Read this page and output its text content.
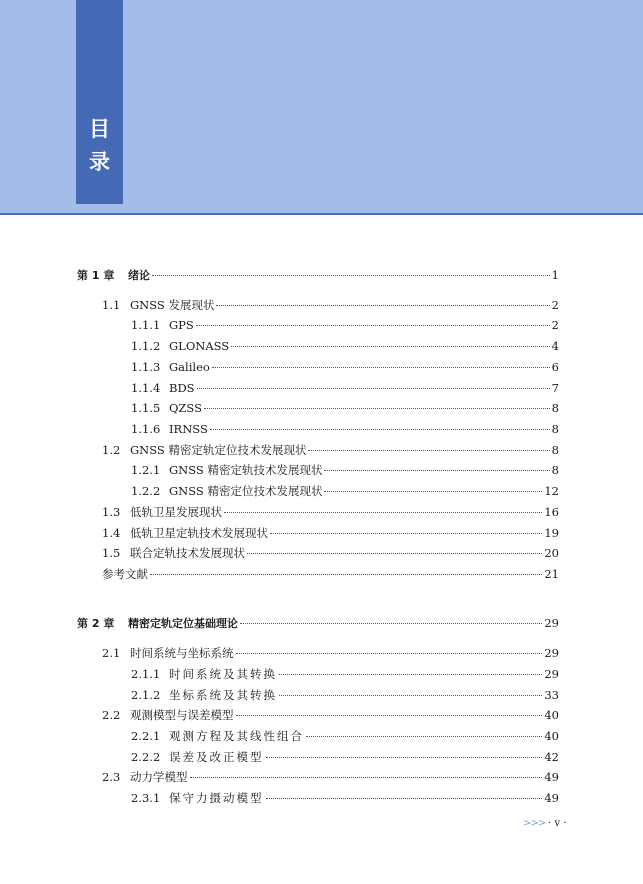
目
录
第 1 章 绪论	1
1.1 GNSS 发展现状	2
1.1.1 GPS	2
1.1.2 GLONASS	4
1.1.3 Galileo	6
1.1.4 BDS	7
1.1.5 QZSS	8
1.1.6 IRNSS	8
1.2 GNSS 精密定轨定位技术发展现状	8
1.2.1 GNSS 精密定轨技术发展现状	8
1.2.2 GNSS 精密定位技术发展现状	12
1.3 低轨卫星发展现状	16
1.4 低轨卫星定轨技术发展现状	19
1.5 联合定轨技术发展现状	20
参考文献	21
第 2 章 精密定轨定位基础理论	29
2.1 时间系统与坐标系统	29
2.1.1 时间系统及其转换	29
2.1.2 坐标系统及其转换	33
2.2 观测模型与误差模型	40
2.2.1 观测方程及其线性组合	40
2.2.2 误差及改正模型	42
2.3 动力学模型	49
2.3.1 保守力摄动模型	49
>>> · v ·
